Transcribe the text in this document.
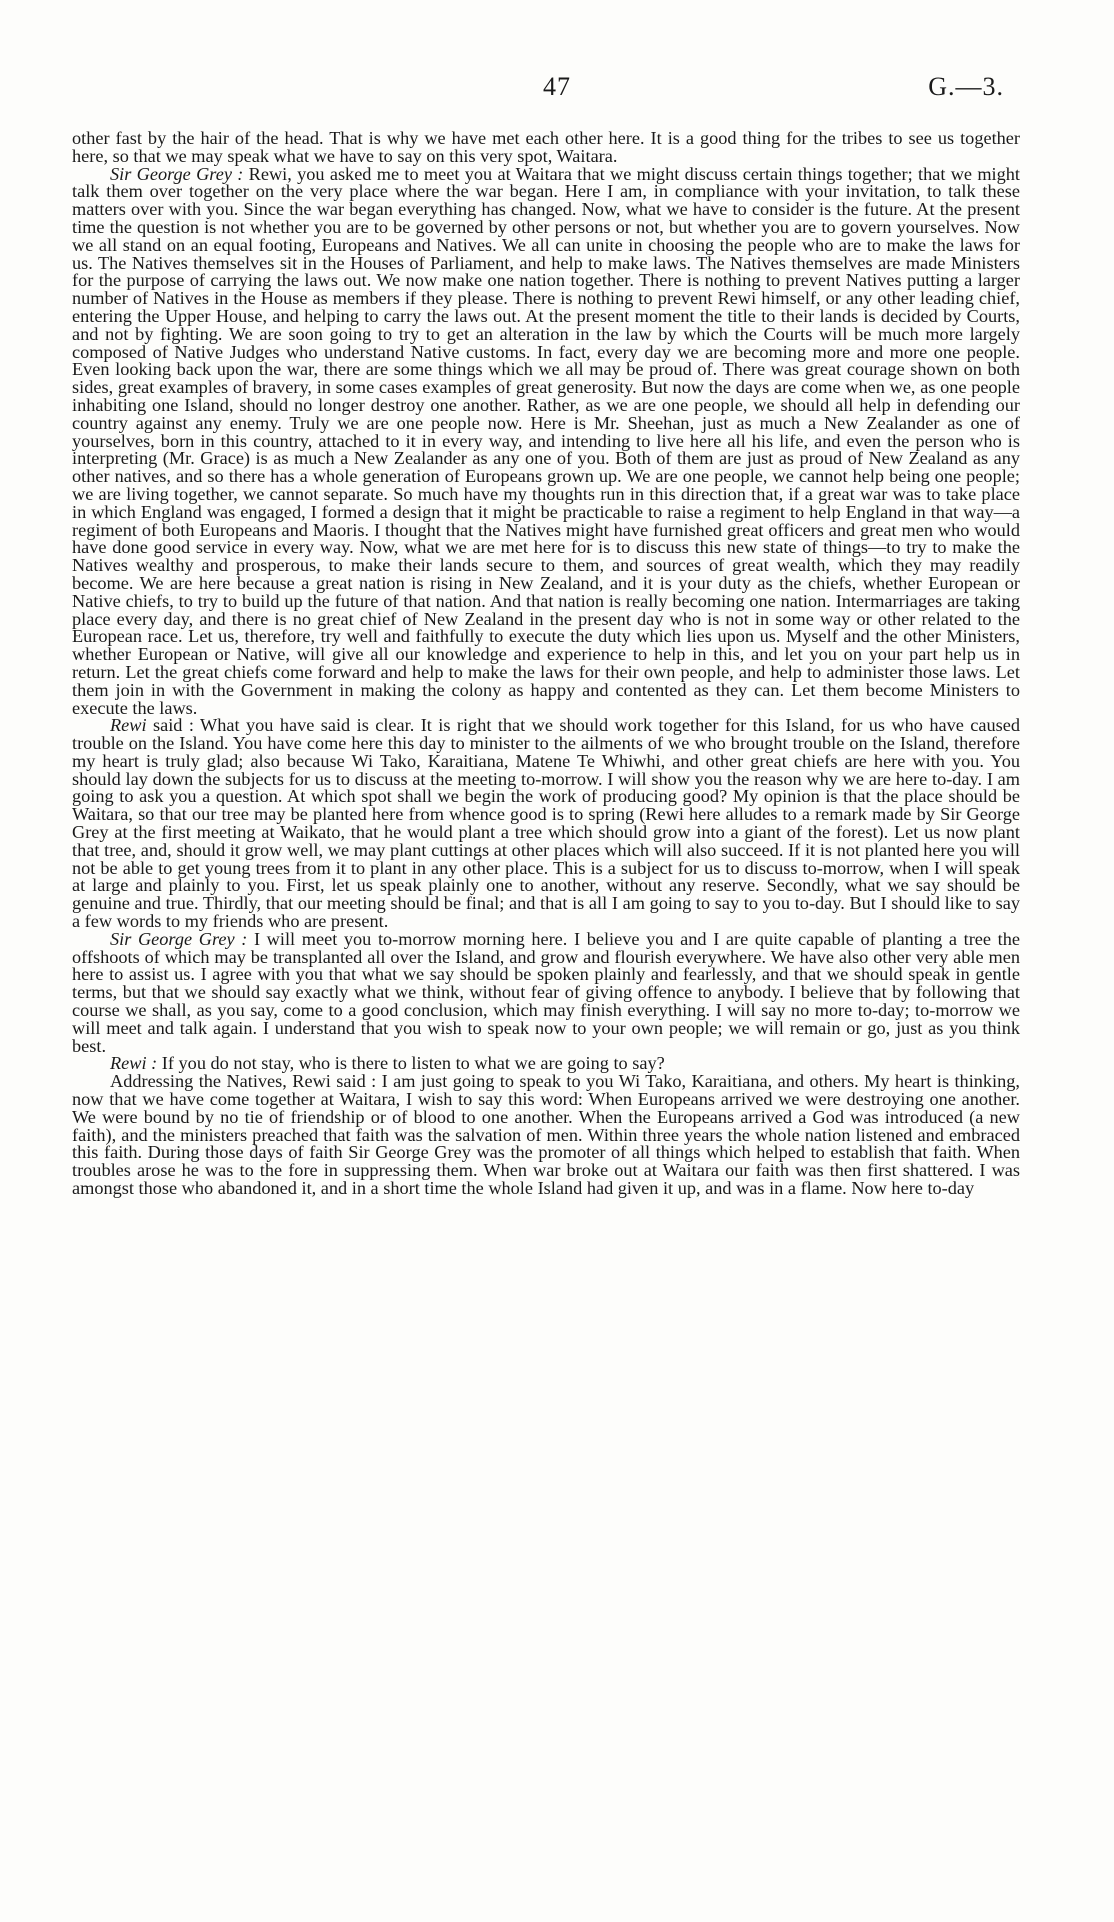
47	G.—3.

other fast by the hair of the head. That is why we have met each other here. It is a good thing for the tribes to see us together here, so that we may speak what we have to say on this very spot, Waitara.

Sir George Grey : Rewi, you asked me to meet you at Waitara that we might discuss certain things together; that we might talk them over together on the very place where the war began. Here I am, in compliance with your invitation, to talk these matters over with you. Since the war began everything has changed. Now, what we have to consider is the future. At the present time the question is not whether you are to be governed by other persons or not, but whether you are to govern yourselves. Now we all stand on an equal footing, Europeans and Natives. We all can unite in choosing the people who are to make the laws for us. The Natives themselves sit in the Houses of Parliament, and help to make laws. The Natives themselves are made Ministers for the purpose of carrying the laws out. We now make one nation together. There is nothing to prevent Natives putting a larger number of Natives in the House as members if they please. There is nothing to prevent Rewi himself, or any other leading chief, entering the Upper House, and helping to carry the laws out. At the present moment the title to their lands is decided by Courts, and not by fighting. We are soon going to try to get an alteration in the law by which the Courts will be much more largely composed of Native Judges who understand Native customs. In fact, every day we are becoming more and more one people. Even looking back upon the war, there are some things which we all may be proud of. There was great courage shown on both sides, great examples of bravery, in some cases examples of great generosity. But now the days are come when we, as one people inhabiting one Island, should no longer destroy one another. Rather, as we are one people, we should all help in defending our country against any enemy. Truly we are one people now. Here is Mr. Sheehan, just as much a New Zealander as one of yourselves, born in this country, attached to it in every way, and intending to live here all his life, and even the person who is interpreting (Mr. Grace) is as much a New Zealander as any one of you. Both of them are just as proud of New Zealand as any other natives, and so there has a whole generation of Europeans grown up. We are one people, we cannot help being one people; we are living together, we cannot separate. So much have my thoughts run in this direction that, if a great war was to take place in which England was engaged, I formed a design that it might be practicable to raise a regiment to help England in that way—a regiment of both Europeans and Maoris. I thought that the Natives might have furnished great officers and great men who would have done good service in every way. Now, what we are met here for is to discuss this new state of things—to try to make the Natives wealthy and prosperous, to make their lands secure to them, and sources of great wealth, which they may readily become. We are here because a great nation is rising in New Zealand, and it is your duty as the chiefs, whether European or Native chiefs, to try to build up the future of that nation. And that nation is really becoming one nation. Intermarriages are taking place every day, and there is no great chief of New Zealand in the present day who is not in some way or other related to the European race. Let us, therefore, try well and faithfully to execute the duty which lies upon us. Myself and the other Ministers, whether European or Native, will give all our knowledge and experience to help in this, and let you on your part help us in return. Let the great chiefs come forward and help to make the laws for their own people, and help to administer those laws. Let them join in with the Government in making the colony as happy and contented as they can. Let them become Ministers to execute the laws.

Rewi said : What you have said is clear. It is right that we should work together for this Island, for us who have caused trouble on the Island. You have come here this day to minister to the ailments of we who brought trouble on the Island, therefore my heart is truly glad; also because Wi Tako, Karaitiana, Matene Te Whiwhi, and other great chiefs are here with you. You should lay down the subjects for us to discuss at the meeting to-morrow. I will show you the reason why we are here to-day. I am going to ask you a question. At which spot shall we begin the work of producing good? My opinion is that the place should be Waitara, so that our tree may be planted here from whence good is to spring (Rewi here alludes to a remark made by Sir George Grey at the first meeting at Waikato, that he would plant a tree which should grow into a giant of the forest). Let us now plant that tree, and, should it grow well, we may plant cuttings at other places which will also succeed. If it is not planted here you will not be able to get young trees from it to plant in any other place. This is a subject for us to discuss to-morrow, when I will speak at large and plainly to you. First, let us speak plainly one to another, without any reserve. Secondly, what we say should be genuine and true. Thirdly, that our meeting should be final; and that is all I am going to say to you to-day. But I should like to say a few words to my friends who are present.

Sir George Grey : I will meet you to-morrow morning here. I believe you and I are quite capable of planting a tree the offshoots of which may be transplanted all over the Island, and grow and flourish everywhere. We have also other very able men here to assist us. I agree with you that what we say should be spoken plainly and fearlessly, and that we should speak in gentle terms, but that we should say exactly what we think, without fear of giving offence to anybody. I believe that by following that course we shall, as you say, come to a good conclusion, which may finish everything. I will say no more to-day; to-morrow we will meet and talk again. I understand that you wish to speak now to your own people; we will remain or go, just as you think best.

Rewi : If you do not stay, who is there to listen to what we are going to say?

Addressing the Natives, Rewi said : I am just going to speak to you Wi Tako, Karaitiana, and others. My heart is thinking, now that we have come together at Waitara, I wish to say this word: When Europeans arrived we were destroying one another. We were bound by no tie of friendship or of blood to one another. When the Europeans arrived a God was introduced (a new faith), and the ministers preached that faith was the salvation of men. Within three years the whole nation listened and embraced this faith. During those days of faith Sir George Grey was the promoter of all things which helped to establish that faith. When troubles arose he was to the fore in suppressing them. When war broke out at Waitara our faith was then first shattered. I was amongst those who abandoned it, and in a short time the whole Island had given it up, and was in a flame. Now here to-day
